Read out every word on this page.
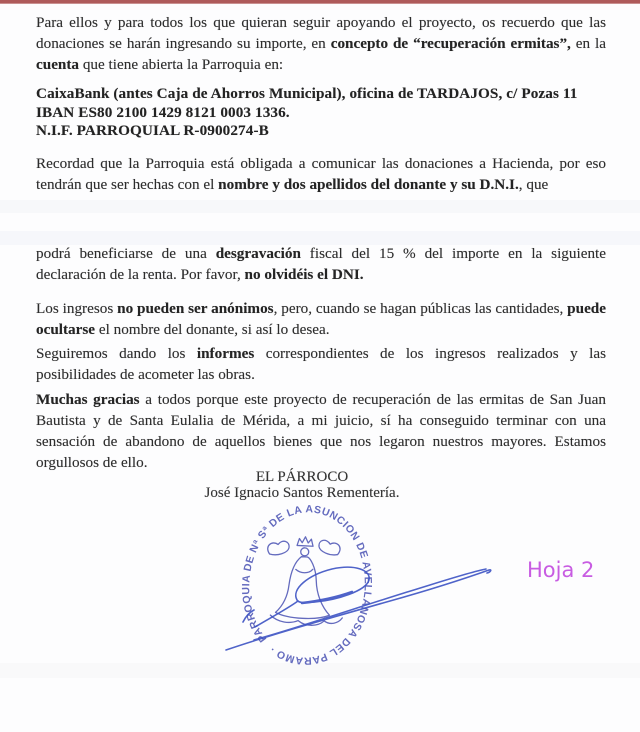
Para ellos y para todos los que quieran seguir apoyando el proyecto, os recuerdo que las donaciones se harán ingresando su importe, en concepto de “recuperación ermitas”, en la cuenta que tiene abierta la Parroquia en:
CaixaBank (antes Caja de Ahorros Municipal), oficina de TARDAJOS, c/ Pozas 11
IBAN ES80 2100 1429 8121 0003 1336.
N.I.F. PARROQUIAL R-0900274-B
Recordad que la Parroquia está obligada a comunicar las donaciones a Hacienda, por eso tendrán que ser hechas con el nombre y dos apellidos del donante y su D.N.I., que
podrá beneficiarse de una desgravación fiscal del 15 % del importe en la siguiente declaración de la renta. Por favor, no olvidéis el DNI.
Los ingresos no pueden ser anónimos, pero, cuando se hagan públicas las cantidades, puede ocultarse el nombre del donante, si así lo desea.
Seguiremos dando los informes correspondientes de los ingresos realizados y las posibilidades de acometer las obras.
Muchas gracias a todos porque este proyecto de recuperación de las ermitas de San Juan Bautista y de Santa Eulalia de Mérida, a mi juicio, sí ha conseguido terminar con una sensación de abandono de aquellos bienes que nos legaron nuestros mayores. Estamos orgullosos de ello.
EL PÁRROCO
José Ignacio Santos Rementería.
PARROQUIA DE Nª Sª DE LA ASUNCION DE AVELLANOSA DEL PARAMO ·
Hoja 2
